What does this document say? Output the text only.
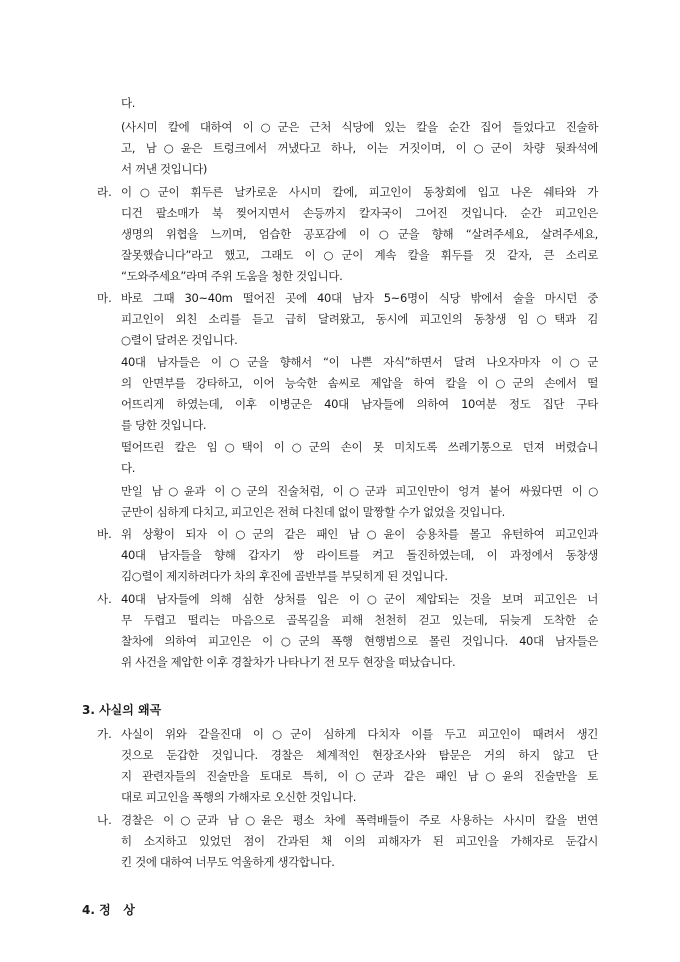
다.
(사시미 칼에 대하여 이○군은 근처 식당에 있는 칼을 순간 집어 들었다고 진술하
고, 남○윤은 트렁크에서 꺼냈다고 하나, 이는 거짓이며, 이○군이 차량 뒷좌석에
서 꺼낸 것입니다)
라. 이○군이 휘두른 날카로운 사시미 칼에, 피고인이 동창회에 입고 나온 쉐타와 가
디건 팔소매가 북 찢어지면서 손등까지 칼자국이 그어진 것입니다. 순간 피고인은
생명의 위협을 느끼며, 엄습한 공포감에 이○군을 향해 “살려주세요, 살려주세요,
잘못했습니다”라고 했고, 그래도 이○군이 계속 칼을 휘두를 것 같자, 큰 소리로
“도와주세요”라며 주위 도움을 청한 것입니다.
마. 바로 그때 30~40m 떨어진 곳에 40대 남자 5~6명이 식당 밖에서 술을 마시던 중
피고인이 외친 소리를 듣고 급히 달려왔고, 동시에 피고인의 동창생 임○택과 김
○렬이 달려온 것입니다.
40대 남자들은 이○군을 향해서 “이 나쁜 자식”하면서 달려 나오자마자 이○군
의 안면부를 강타하고, 이어 능숙한 솜씨로 제압을 하여 칼을 이○군의 손에서 떨
어뜨리게 하였는데, 이후 이병군은 40대 남자들에 의하여 10여분 정도 집단 구타
를 당한 것입니다.
떨어뜨린 칼은 임○택이 이○군의 손이 못 미치도록 쓰레기통으로 던져 버렸습니
다.
만일 남○윤과 이○군의 진술처럼, 이○군과 피고인만이 엉겨 붙어 싸웠다면 이○
군만이 심하게 다치고, 피고인은 전혀 다친데 없이 말짱할 수가 없었을 것입니다.
바. 위 상황이 되자 이○군의 같은 패인 남○윤이 승용차를 몰고 유턴하여 피고인과
40대 남자들을 향해 갑자기 쌍 라이트를 켜고 돌진하였는데, 이 과정에서 동창생
김○렬이 제지하려다가 차의 후진에 골반부를 부딪히게 된 것입니다.
사. 40대 남자들에 의해 심한 상처를 입은 이○군이 제압되는 것을 보며 피고인은 너
무 두렵고 떨리는 마음으로 골목길을 피해 천천히 걷고 있는데, 뒤늦게 도착한 순
찰차에 의하여 피고인은 이○군의 폭행 현행범으로 몰린 것입니다. 40대 남자들은
위 사건을 제압한 이후 경찰차가 나타나기 전 모두 현장을 떠났습니다.
3. 사실의 왜곡
가. 사실이 위와 같을진대 이○군이 심하게 다치자 이를 두고 피고인이 때려서 생긴
것으로 둔갑한 것입니다. 경찰은 체계적인 현장조사와 탐문은 거의 하지 않고 단
지 관련자들의 진술만을 토대로 특히, 이○군과 같은 패인 남○윤의 진술만을 토
대로 피고인을 폭행의 가해자로 오신한 것입니다.
나. 경찰은 이○군과 남○윤은 평소 차에 폭력배들이 주로 사용하는 사시미 칼을 번연
히 소지하고 있었던 점이 간과된 채 이의 피해자가 된 피고인을 가해자로 둔갑시
킨 것에 대하여 너무도 억울하게 생각합니다.
4. 정   상
